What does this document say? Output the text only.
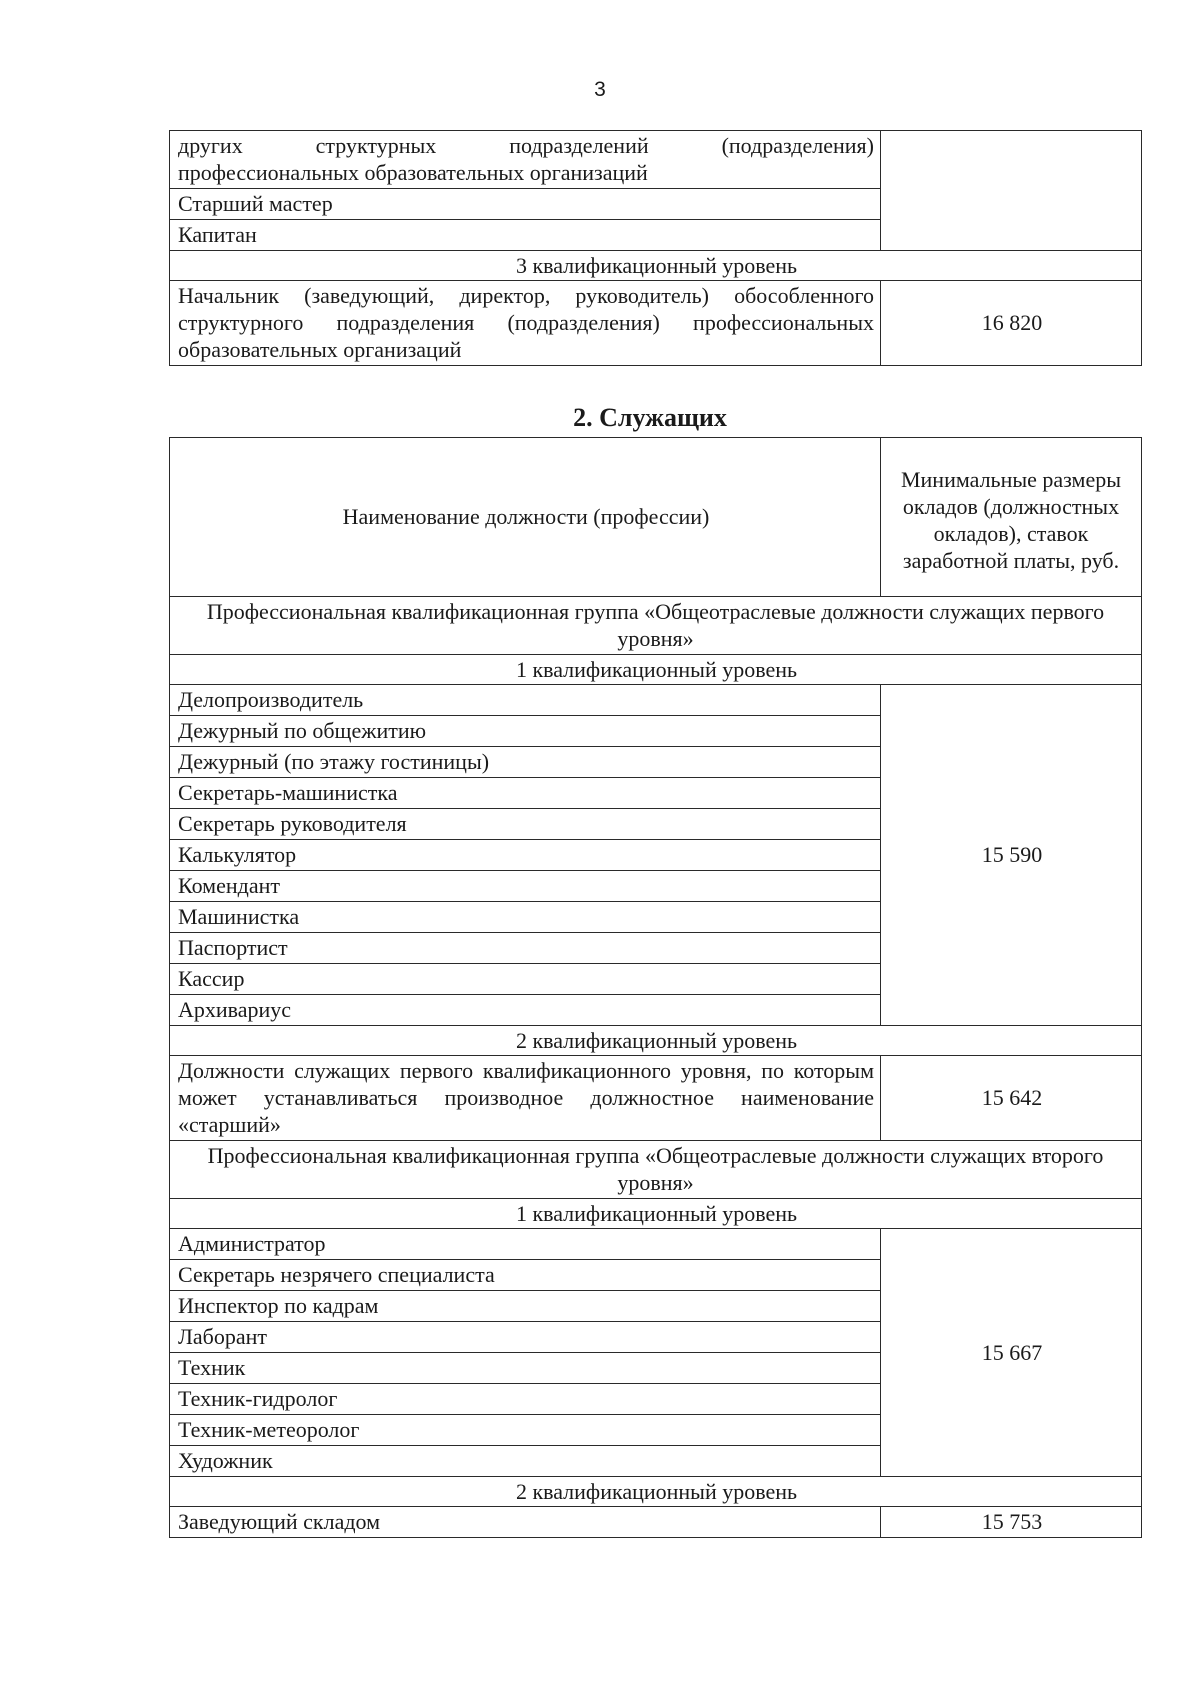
3
других структурных подразделений (подразделения)
профессиональных образовательных организаций	

Старший мастер	
Капитан	
3 квалификационный уровень	
Начальник (заведующий, директор, руководитель) обособленного структурного подразделения (подразделения) профессиональных образовательных организаций	16 820
2. Служащих
Наименование должности (профессии)	Минимальные размеры окладов (должностных окладов), ставок заработной платы, руб.
Профессиональная квалификационная группа «Общеотраслевые должности служащих первого уровня»	
1 квалификационный уровень	
Делопроизводитель	15 590
Дежурный по общежитию	
Дежурный (по этажу гостиницы)	
Секретарь-машинистка	
Секретарь руководителя	
Калькулятор	
Комендант	
Машинистка	
Паспортист	
Кассир	
Архивариус	
2 квалификационный уровень	
Должности служащих первого квалификационного уровня, по которым может устанавливаться производное должностное наименование «старший»	15 642
Профессиональная квалификационная группа «Общеотраслевые должности служащих второго уровня»	
1 квалификационный уровень	
Администратор	15 667
Секретарь незрячего специалиста	
Инспектор по кадрам	
Лаборант	
Техник	
Техник-гидролог	
Техник-метеоролог	
Художник	
2 квалификационный уровень	
Заведующий складом	15 753
